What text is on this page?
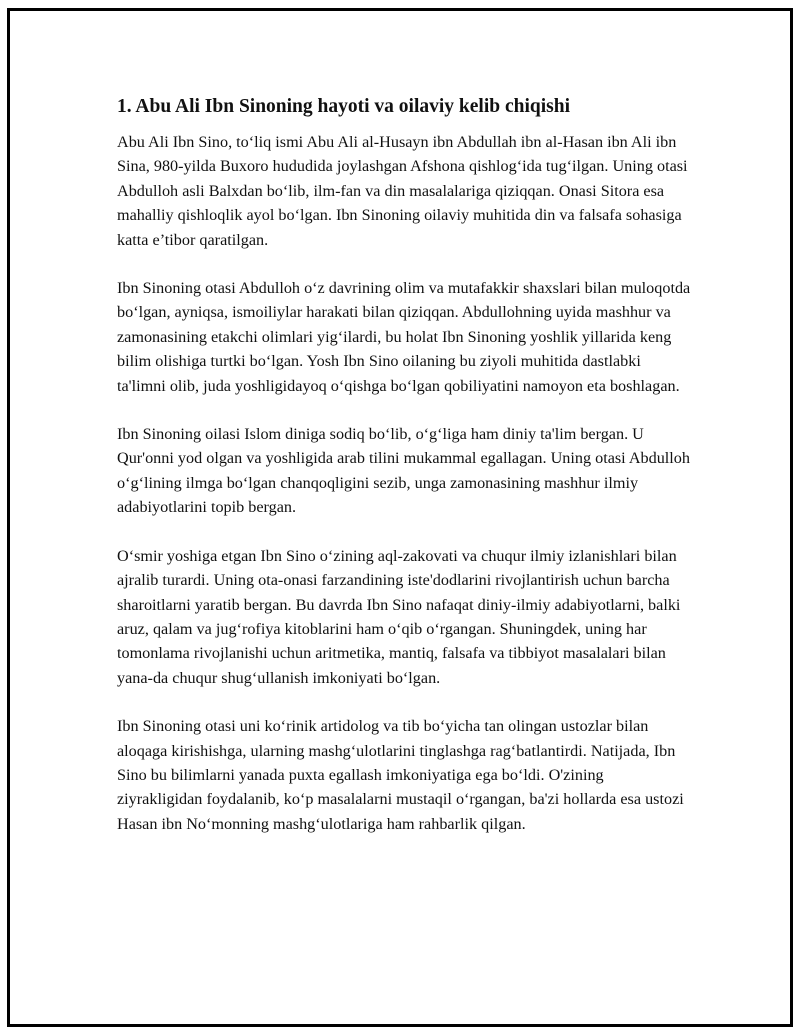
1. Abu Ali Ibn Sinoning hayoti va oilaviy kelib chiqishi

Abu Ali Ibn Sino, to‘liq ismi Abu Ali al-Husayn ibn Abdullah ibn al-Hasan ibn Ali ibn Sina, 980-yilda Buxoro hududida joylashgan Afshona qishlog‘ida tug‘ilgan. Uning otasi Abdulloh asli Balxdan bo‘lib, ilm-fan va din masalalariga qiziqqan. Onasi Sitora esa mahalliy qishloqlik ayol bo‘lgan. Ibn Sinoning oilaviy muhitida din va falsafa sohasiga katta e’tibor qaratilgan.

Ibn Sinoning otasi Abdulloh o‘z davrining olim va mutafakkir shaxslari bilan muloqotda bo‘lgan, ayniqsa, ismoiliylar harakati bilan qiziqqan. Abdullohning uyida mashhur va zamonasining etakchi olimlari yig‘ilardi, bu holat Ibn Sinoning yoshlik yillarida keng bilim olishiga turtki bo‘lgan. Yosh Ibn Sino oilaning bu ziyoli muhitida dastlabki ta'limni olib, juda yoshligidayoq o‘qishga bo‘lgan qobiliyatini namoyon eta boshlagan.

Ibn Sinoning oilasi Islom diniga sodiq bo‘lib, o‘g‘liga ham diniy ta'lim bergan. U Qur'onni yod olgan va yoshligida arab tilini mukammal egallagan. Uning otasi Abdulloh o‘g‘lining ilmga bo‘lgan chanqoqligini sezib, unga zamonasining mashhur ilmiy adabiyotlarini topib bergan.

O‘smir yoshiga etgan Ibn Sino o‘zining aql-zakovati va chuqur ilmiy izlanishlari bilan ajralib turardi. Uning ota-onasi farzandining iste'dodlarini rivojlantirish uchun barcha sharoitlarni yaratib bergan. Bu davrda Ibn Sino nafaqat diniy-ilmiy adabiyotlarni, balki aruz, qalam va jug‘rofiya kitoblarini ham o‘qib o‘rgangan. Shuningdek, uning har tomonlama rivojlanishi uchun aritmetika, mantiq, falsafa va tibbiyot masalalari bilan yana-da chuqur shug‘ullanish imkoniyati bo‘lgan.

Ibn Sinoning otasi uni ko‘rinik artidolog va tib bo‘yicha tan olingan ustozlar bilan aloqaga kirishishga, ularning mashg‘ulotlarini tinglashga rag‘batlantirdi. Natijada, Ibn Sino bu bilimlarni yanada puxta egallash imkoniyatiga ega bo‘ldi. O'zining ziyrakligidan foydalanib, ko‘p masalalarni mustaqil o‘rgangan, ba'zi hollarda esa ustozi Hasan ibn No‘monning mashg‘ulotlariga ham rahbarlik qilgan.
